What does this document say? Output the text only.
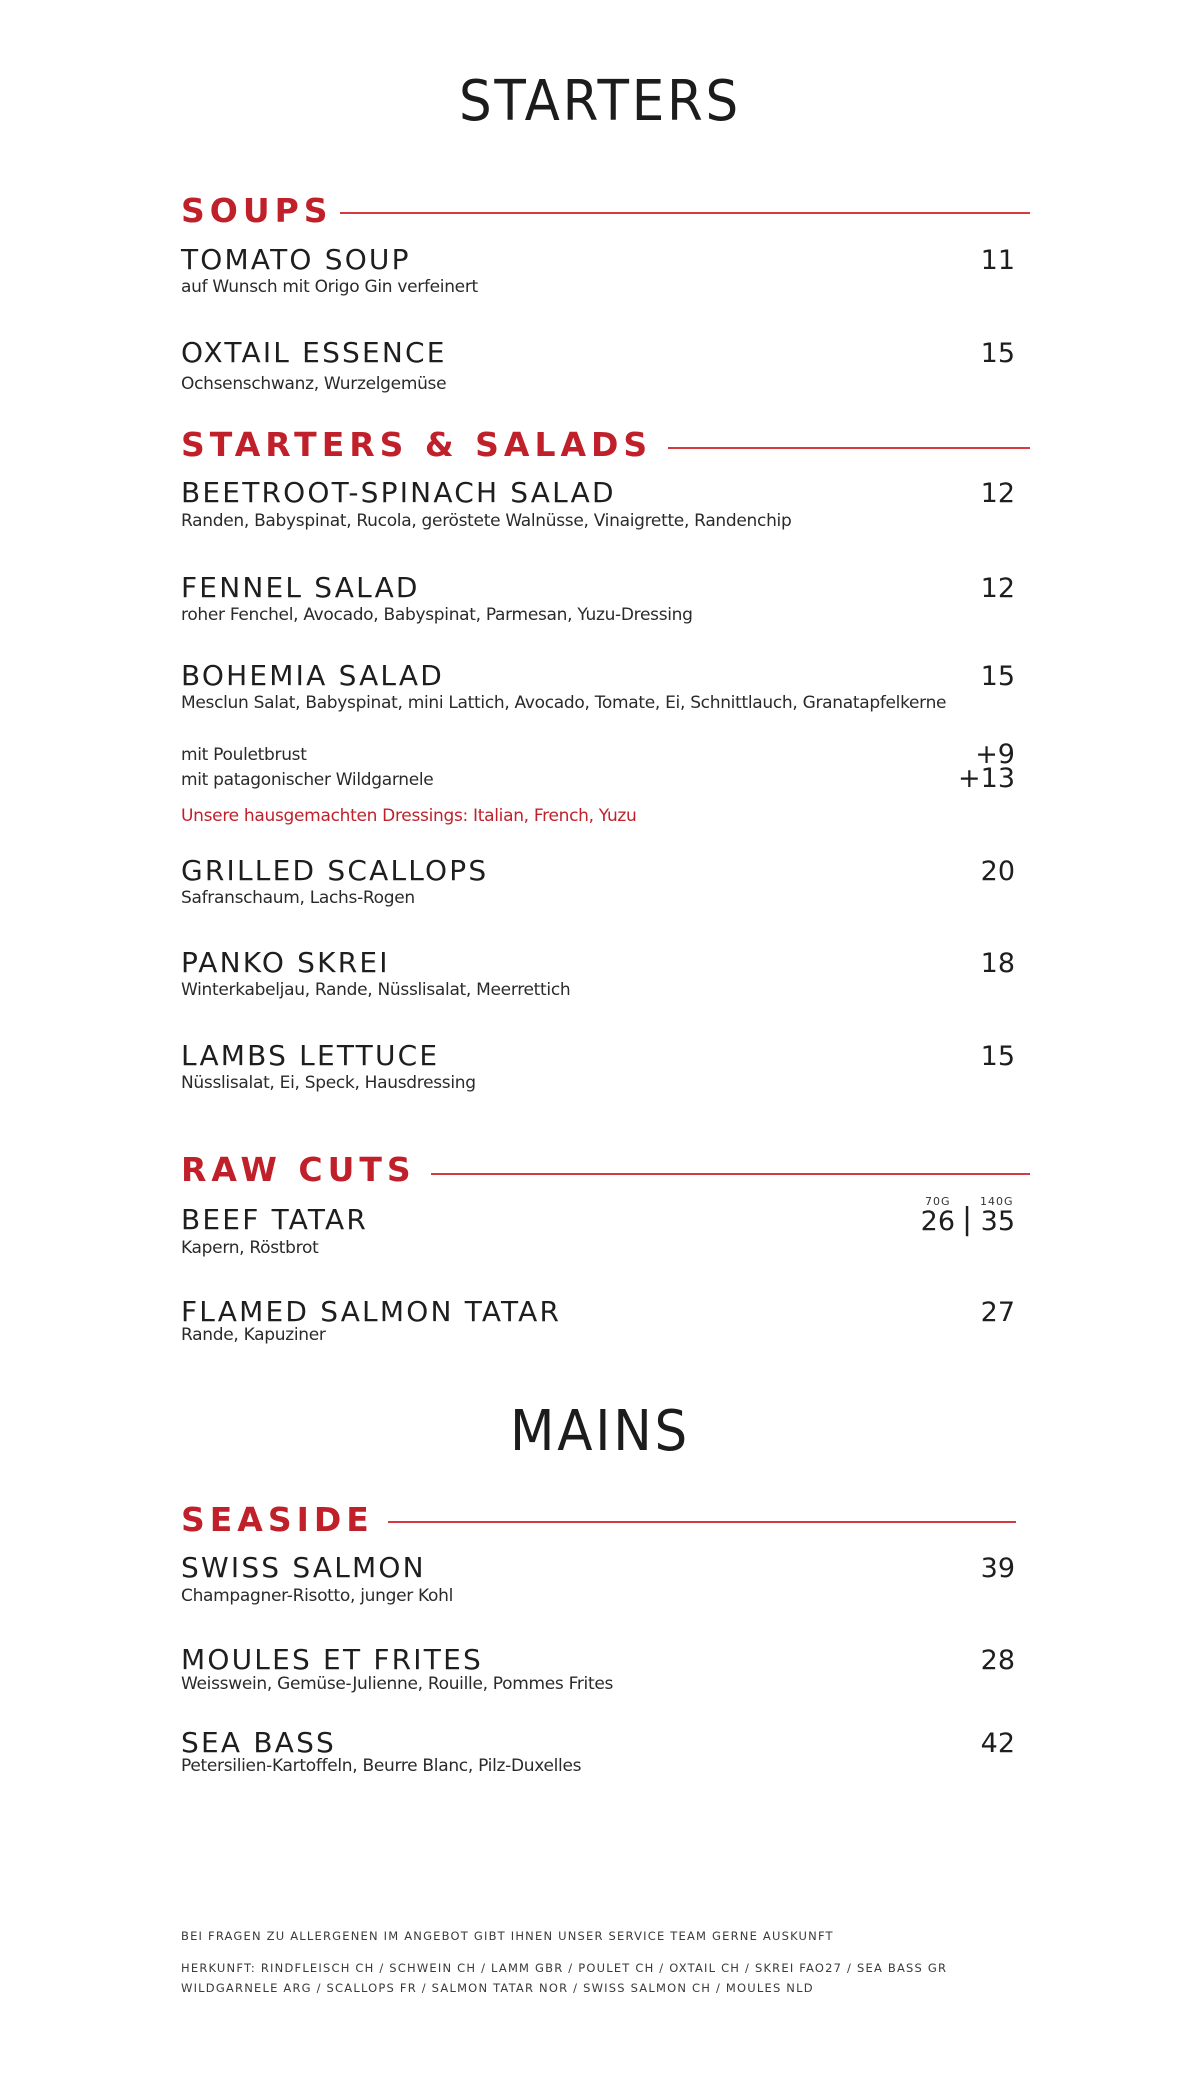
STARTERS
SOUPS
TOMATO SOUP	11
auf Wunsch mit Origo Gin verfeinert
OXTAIL ESSENCE	15
Ochsenschwanz, Wurzelgemüse
STARTERS & SALADS
BEETROOT-SPINACH SALAD	12
Randen, Babyspinat, Rucola, geröstete Walnüsse, Vinaigrette, Randenchip
FENNEL SALAD	12
roher Fenchel, Avocado, Babyspinat, Parmesan, Yuzu-Dressing
BOHEMIA SALAD	15
Mesclun Salat, Babyspinat, mini Lattich, Avocado, Tomate, Ei, Schnittlauch, Granatapfelkerne
mit Pouletbrust	+9
mit patagonischer Wildgarnele	+13
Unsere hausgemachten Dressings: Italian, French, Yuzu
GRILLED SCALLOPS	20
Safranschaum, Lachs-Rogen
PANKO SKREI	18
Winterkabeljau, Rande, Nüsslisalat, Meerrettich
LAMBS LETTUCE	15
Nüsslisalat, Ei, Speck, Hausdressing
RAW CUTS
BEEF TATAR
70G	140G
26 | 35
Kapern, Röstbrot
FLAMED SALMON TATAR	27
Rande, Kapuziner
MAINS
SEASIDE
SWISS SALMON	39
Champagner-Risotto, junger Kohl
MOULES ET FRITES	28
Weisswein, Gemüse-Julienne, Rouille, Pommes Frites
SEA BASS	42
Petersilien-Kartoffeln, Beurre Blanc, Pilz-Duxelles
BEI FRAGEN ZU ALLERGENEN IM ANGEBOT GIBT IHNEN UNSER SERVICE TEAM GERNE AUSKUNFT
HERKUNFT: RINDFLEISCH CH / SCHWEIN CH / LAMM GBR / POULET CH / OXTAIL CH / SKREI FAO27 / SEA BASS GR
WILDGARNELE ARG / SCALLOPS FR / SALMON TATAR NOR / SWISS SALMON CH / MOULES NLD
